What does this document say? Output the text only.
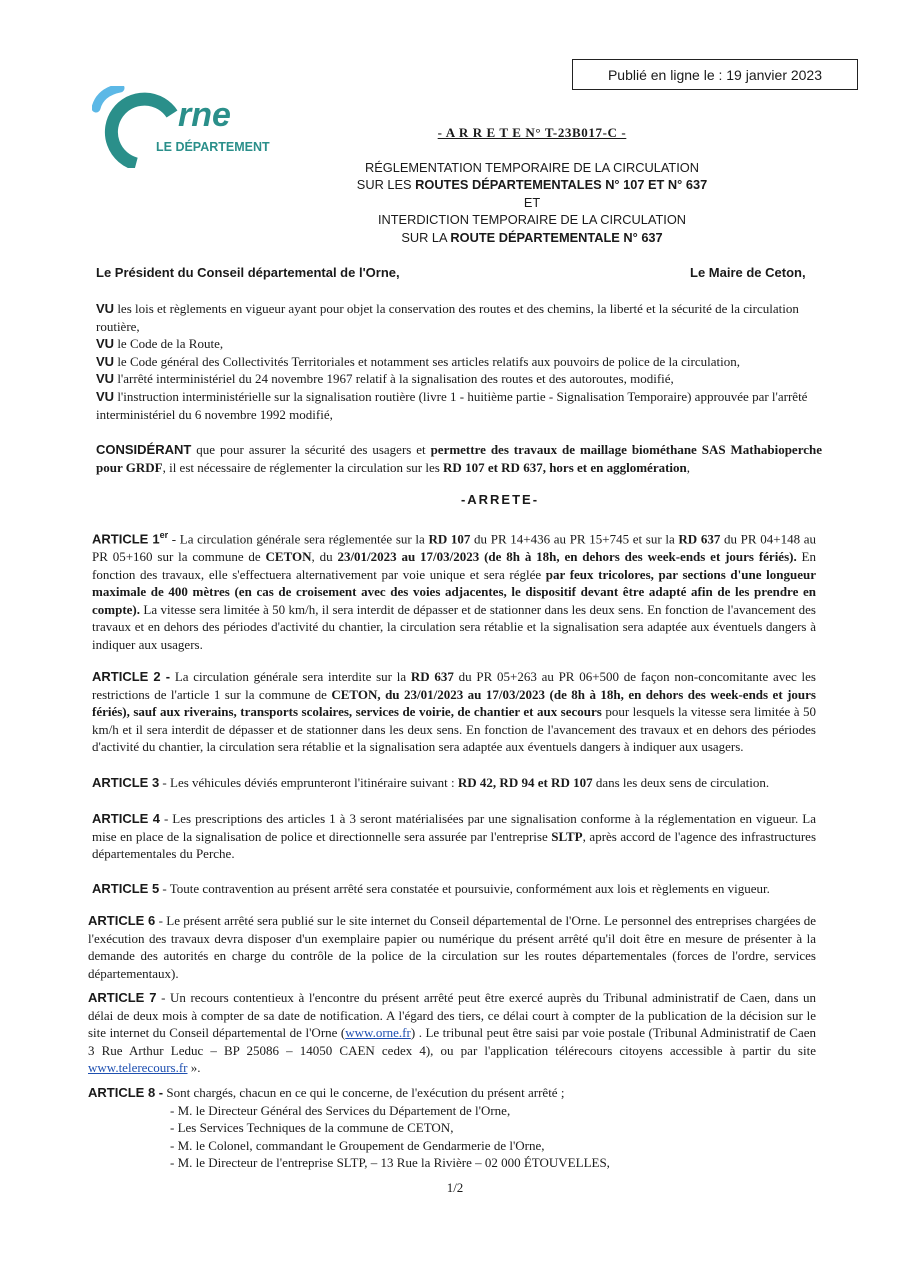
Publié en ligne le : 19 janvier 2023
rne
LE DÉPARTEMENT
- A R R E T E N° T-23B017-C -
RÉGLEMENTATION TEMPORAIRE DE LA CIRCULATION
SUR LES ROUTES DÉPARTEMENTALES N° 107 ET N° 637
ET
INTERDICTION TEMPORAIRE DE LA CIRCULATION
SUR LA ROUTE DÉPARTEMENTALE N° 637
Le Président du Conseil départemental de l'Orne,	Le Maire de Ceton,

VU les lois et règlements en vigueur ayant pour objet la conservation des routes et des chemins, la liberté et la sécurité de la circulation routière,

VU le Code de la Route,

VU le Code général des Collectivités Territoriales et notamment ses articles relatifs aux pouvoirs de police de la circulation,

VU l'arrêté interministériel du 24 novembre 1967 relatif à la signalisation des routes et des autoroutes, modifié,

VU l'instruction interministérielle sur la signalisation routière (livre 1 - huitième partie - Signalisation Temporaire) approuvée par l'arrêté interministériel du 6 novembre 1992 modifié,

CONSIDÉRANT que pour assurer la sécurité des usagers et permettre des travaux de maillage biométhane SAS Mathabioperche pour GRDF, il est nécessaire de réglementer la circulation sur les RD 107 et RD 637, hors et en agglomération,
-ARRETE-

ARTICLE 1er - La circulation générale sera réglementée sur la RD 107 du PR 14+436 au PR 15+745 et sur la RD 637 du PR 04+148 au PR 05+160 sur la commune de CETON, du 23/01/2023 au 17/03/2023 (de 8h à 18h, en dehors des week-ends et jours fériés). En fonction des travaux, elle s'effectuera alternativement par voie unique et sera réglée par feux tricolores, par sections d'une longueur maximale de 400 mètres (en cas de croisement avec des voies adjacentes, le dispositif devant être adapté afin de les prendre en compte). La vitesse sera limitée à 50 km/h, il sera interdit de dépasser et de stationner dans les deux sens. En fonction de l'avancement des travaux et en dehors des périodes d'activité du chantier, la circulation sera rétablie et la signalisation sera adaptée aux éventuels dangers à indiquer aux usagers.

ARTICLE 2 - La circulation générale sera interdite sur la RD 637 du PR 05+263 au PR 06+500 de façon non-concomitante avec les restrictions de l'article 1 sur la commune de CETON, du 23/01/2023 au 17/03/2023 (de 8h à 18h, en dehors des week-ends et jours fériés), sauf aux riverains, transports scolaires, services de voirie, de chantier et aux secours pour lesquels la vitesse sera limitée à 50 km/h et il sera interdit de dépasser et de stationner dans les deux sens. En fonction de l'avancement des travaux et en dehors des périodes d'activité du chantier, la circulation sera rétablie et la signalisation sera adaptée aux éventuels dangers à indiquer aux usagers.

ARTICLE 3 - Les véhicules déviés emprunteront l'itinéraire suivant : RD 42, RD 94 et RD 107 dans les deux sens de circulation.

ARTICLE 4 - Les prescriptions des articles 1 à 3 seront matérialisées par une signalisation conforme à la réglementation en vigueur. La mise en place de la signalisation de police et directionnelle sera assurée par l'entreprise SLTP, après accord de l'agence des infrastructures départementales du Perche.

ARTICLE 5 - Toute contravention au présent arrêté sera constatée et poursuivie, conformément aux lois et règlements en vigueur.

ARTICLE 6 - Le présent arrêté sera publié sur le site internet du Conseil départemental de l'Orne. Le personnel des entreprises chargées de l'exécution des travaux devra disposer d'un exemplaire papier ou numérique du présent arrêté qu'il doit être en mesure de présenter à la demande des autorités en charge du contrôle de la police de la circulation sur les routes départementales (forces de l'ordre, services départementaux).

ARTICLE 7 - Un recours contentieux à l'encontre du présent arrêté peut être exercé auprès du Tribunal administratif de Caen, dans un délai de deux mois à compter de sa date de notification. A l'égard des tiers, ce délai court à compter de la publication de la décision sur le site internet du Conseil départemental de l'Orne (www.orne.fr) . Le tribunal peut être saisi par voie postale (Tribunal Administratif de Caen 3 Rue Arthur Leduc – BP 25086 – 14050 CAEN cedex 4), ou par l'application télérecours citoyens accessible à partir du site www.telerecours.fr ».

ARTICLE 8 - Sont chargés, chacun en ce qui le concerne, de l'exécution du présent arrêté ;
- M. le Directeur Général des Services du Département de l'Orne,
- Les Services Techniques de la commune de CETON,
- M. le Colonel, commandant le Groupement de Gendarmerie de l'Orne,
- M. le Directeur de l'entreprise SLTP, – 13 Rue la Rivière – 02 000 ÉTOUVELLES,
1/2
